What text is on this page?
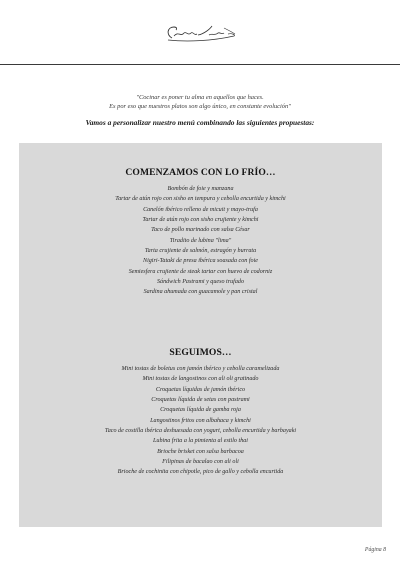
"Cocinar es poner tu alma en aquellos que haces.

Es por eso que nuestros platos son algo único, en constante evolución"

Vamos a personalizar nuestro menú combinando las siguientes propuestas:

COMENZAMOS CON LO FRÍO…
Bombón de foie y manzana
Tartar de atún rojo con sisho en tempura y cebolla encurtida y kimchi
Canelón ibérico relleno de micuit y mayo-trufa
Tartar de atún rojo con sisho crujiente y kimchi
Taco de pollo marinado con salsa César
Tiradito de lubina "lima"
Tarta crujiente de salmón, estragón y burrata
Nigiri-Tataki de presa ibérica soasada con foie
Semiesfera crujiente de steak tartar con huevo de codorniz
Sándwich Pastrami y queso trufado
Sardina ahumada con guacamole y pan cristal
SEGUIMOS…
Mini tostas de boletus con jamón ibérico y cebolla caramelizada
Mini tostas de langostinos con ali oli gratinado
Croquetas líquidas de jamón ibérico
Croquetas líquida de setas con pastrami
Croquetas líquida de gamba roja
Langostinos fritos con albahaca y kimchi
Taco de costilla ibérica deshuesada con yogurt, cebolla encurtida y barbayaki
Lubina frita a la pimienta al estilo thai
Brioche brisket con salsa barbacoa
Filipinas de bacalao con ali oli
Brioche de cochinita con chipotle, pico de gallo y cebolla encurtida
Página 8
